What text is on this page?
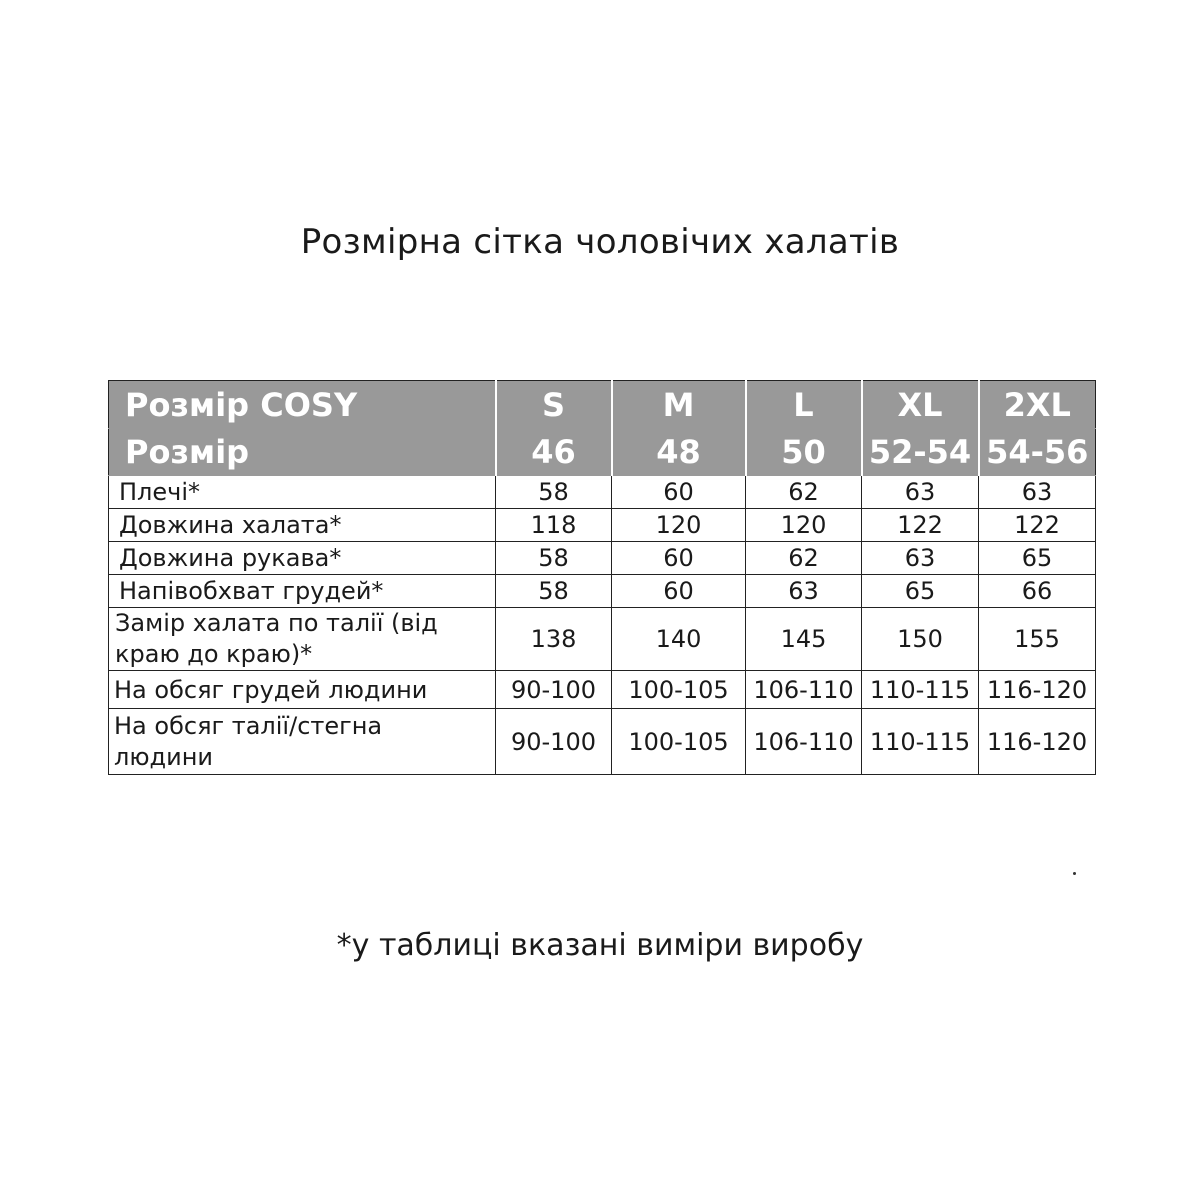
Розмірна сітка чоловічих халатів
Розмір COSY	S	M	L	XL	2XL
Розмір	46	48	50	52-54	54-56
Плечі*	58	60	62	63	63
Довжина халата*	118	120	120	122	122
Довжина рукава*	58	60	62	63	65
Напівобхват грудей*	58	60	63	65	66
Замір халата по талії (від краю до краю)*	138	140	145	150	155
На обсяг грудей людини	90-100	100-105	106-110	110-115	116-120
На обсяг талії/стегна людини	90-100	100-105	106-110	110-115	116-120
*у таблиці вказані виміри виробу
